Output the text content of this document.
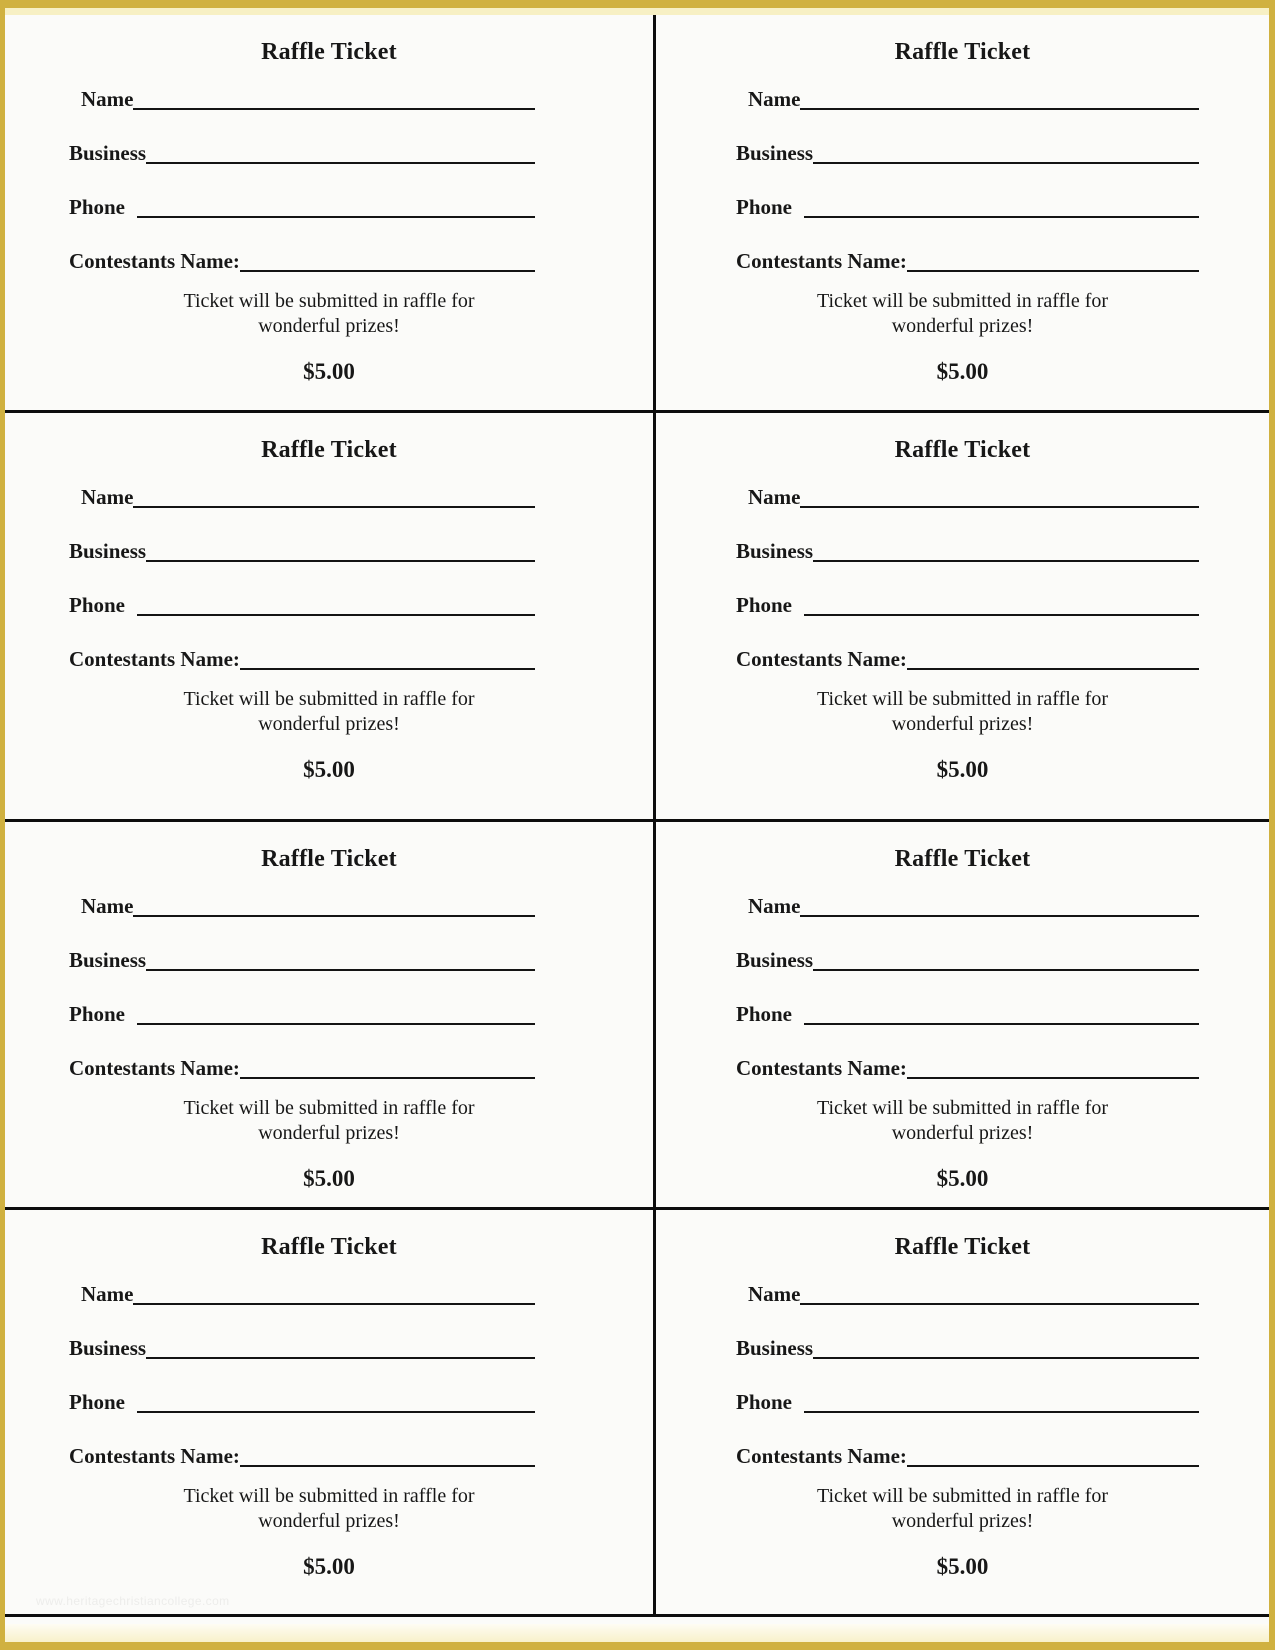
Raffle Ticket
Name
Business
Phone
Contestants Name:

Ticket will be submitted in raffle for
wonderful prizes!

$5.00
Raffle Ticket
Name
Business
Phone
Contestants Name:

Ticket will be submitted in raffle for
wonderful prizes!

$5.00
Raffle Ticket
Name
Business
Phone
Contestants Name:

Ticket will be submitted in raffle for
wonderful prizes!

$5.00
Raffle Ticket
Name
Business
Phone
Contestants Name:

Ticket will be submitted in raffle for
wonderful prizes!

$5.00
Raffle Ticket
Name
Business
Phone
Contestants Name:

Ticket will be submitted in raffle for
wonderful prizes!

$5.00
Raffle Ticket
Name
Business
Phone
Contestants Name:

Ticket will be submitted in raffle for
wonderful prizes!

$5.00
Raffle Ticket
Name
Business
Phone
Contestants Name:

Ticket will be submitted in raffle for
wonderful prizes!

$5.00
Raffle Ticket
Name
Business
Phone
Contestants Name:

Ticket will be submitted in raffle for
wonderful prizes!

$5.00
www.heritagechristiancollege.com
